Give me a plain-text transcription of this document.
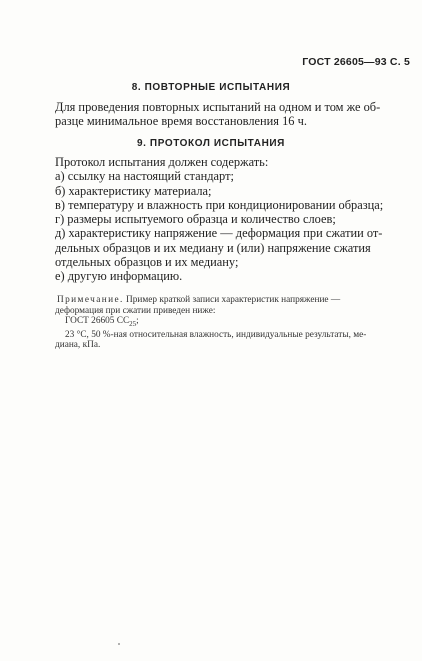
ГОСТ 26605—93 С. 5
8. ПОВТОРНЫЕ ИСПЫТАНИЯ
Для проведения повторных испытаний на одном и том же об-
разце минимальное время восстановления 16 ч.
9. ПРОТОКОЛ ИСПЫТАНИЯ
Протокол испытания должен содержать:
а) ссылку на настоящий стандарт;
б) характеристику материала;
в) температуру и влажность при кондиционировании образца;
г) размеры испытуемого образца и количество слоев;
д) характеристику напряжение — деформация при сжатии от-
дельных образцов и их медиану и (или) напряжение сжатия
отдельных образцов и их медиану;
е) другую информацию.
Примечание. Пример краткой записи характеристик напряжение —
деформация при сжатии приведен ниже:
ГОСТ 26605 $СС_{25}$;
23 °С, 50 %-ная относительная влажность, индивидуальные результаты, ме-
диана, кПа.
